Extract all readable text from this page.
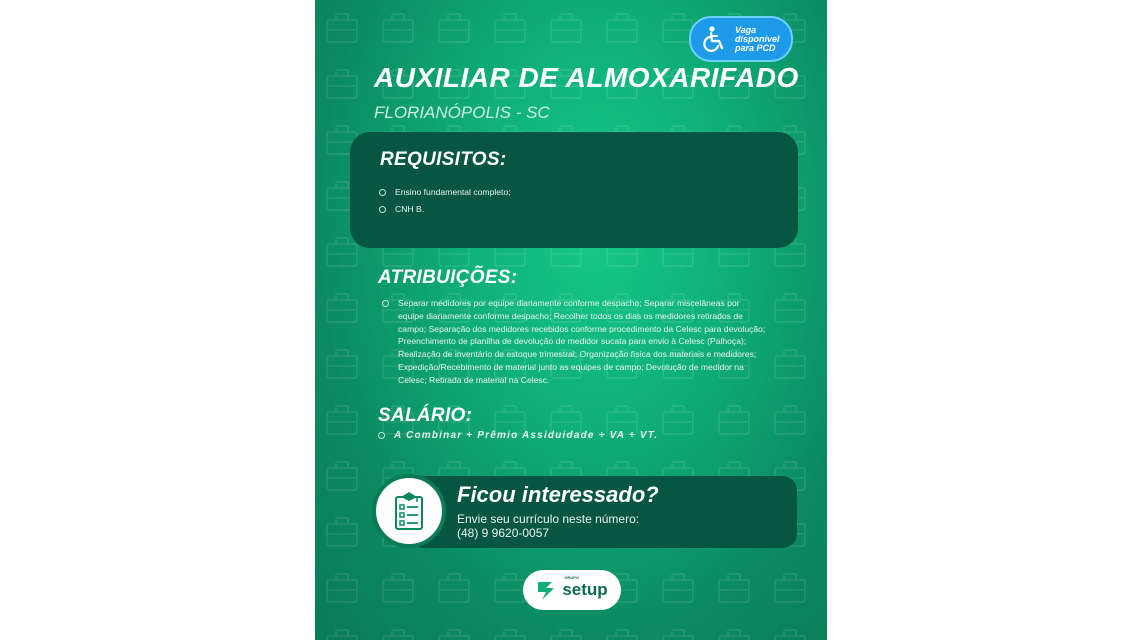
Vaga disponível para PCD
AUXILIAR DE ALMOXARIFADO
FLORIANÓPOLIS - SC
REQUISITOS:
Ensino fundamental completo;
CNH B.
ATRIBUIÇÕES:
Separar medidores por equipe diariamente conforme despacho; Separar miscelâneas por equipe diariamente conforme despacho; Recolher todos os dias os medidores retirados de campo; Separação dos medidores recebidos conforme procedimento da Celesc para devolução; Preenchimento de planilha de devolução de medidor sucata para envio à Celesc (Palhoça); Realização de inventário de estoque trimestral; Organização física dos materiais e medidores; Expedição/Recebimento de material junto as equipes de campo; Devolução de medidor na Celesc; Retirada de material na Celesc.
SALÁRIO:
A Combinar + Prêmio Assiduidade + VA + VT.
Ficou interessado?
Envie seu currículo neste número: (48) 9 9620-0057
GRUPO
setup
